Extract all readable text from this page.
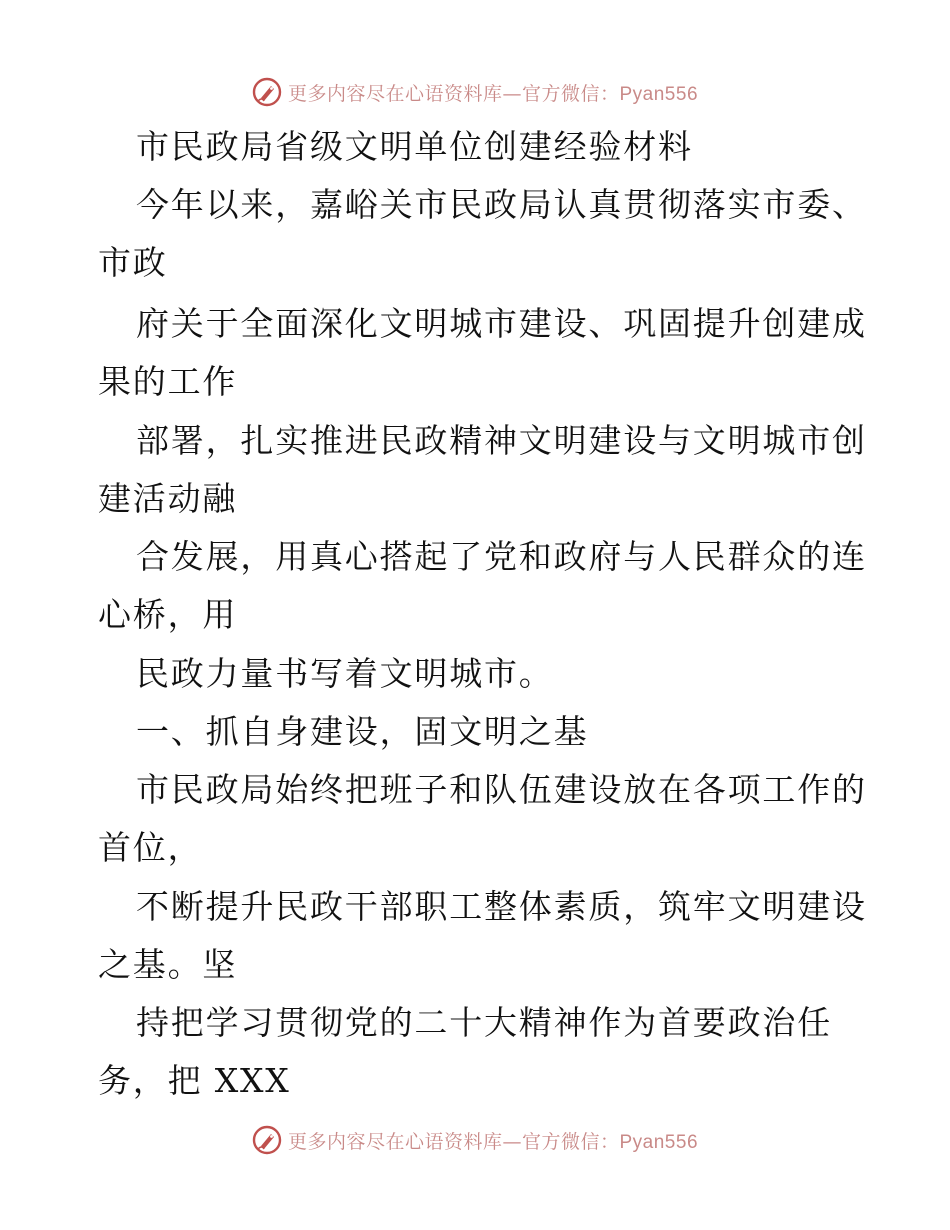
更多内容尽在心语资料库—官方微信：Pyan556
市民政局省级文明单位创建经验材料
今年以来，嘉峪关市民政局认真贯彻落实市委、
市政
府关于全面深化文明城市建设、巩固提升创建成
果的工作
部署，扎实推进民政精神文明建设与文明城市创
建活动融
合发展，用真心搭起了党和政府与人民群众的连
心桥，用
民政力量书写着文明城市。
一、抓自身建设，固文明之基
市民政局始终把班子和队伍建设放在各项工作的
首位，
不断提升民政干部职工整体素质，筑牢文明建设
之基。坚
持把学习贯彻党的二十大精神作为首要政治任
务，把 XXX
更多内容尽在心语资料库—官方微信：Pyan556
